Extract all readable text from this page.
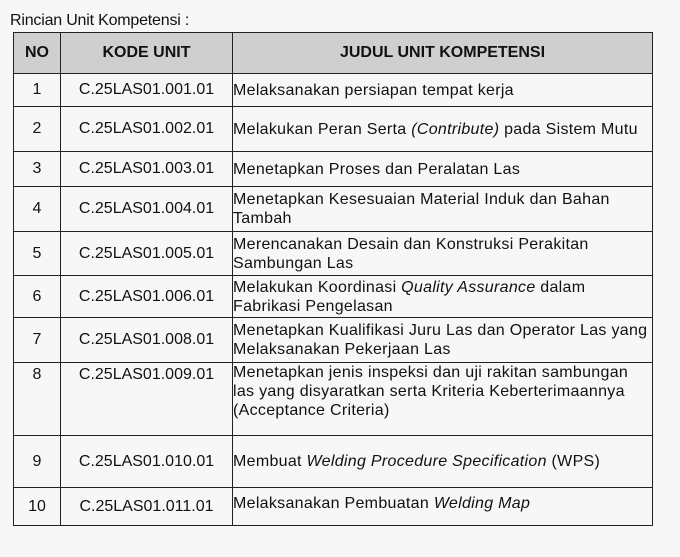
Rincian Unit Kompetensi :
NO	KODE UNIT	JUDUL UNIT KOMPETENSI
1	C.25LAS01.001.01	Melaksanakan persiapan tempat kerja
2	C.25LAS01.002.01	Melakukan Peran Serta (Contribute) pada Sistem Mutu
3	C.25LAS01.003.01	Menetapkan Proses dan Peralatan Las
4	C.25LAS01.004.01	Menetapkan Kesesuaian Material Induk dan Bahan Tambah
5	C.25LAS01.005.01	Merencanakan Desain dan Konstruksi Perakitan Sambungan Las
6	C.25LAS01.006.01	Melakukan Koordinasi Quality Assurance dalam Fabrikasi Pengelasan
7	C.25LAS01.008.01	Menetapkan Kualifikasi Juru Las dan Operator Las yang Melaksanakan Pekerjaan Las
8	C.25LAS01.009.01	Menetapkan jenis inspeksi dan uji rakitan sambungan las yang disyaratkan serta Kriteria Keberterimaannya (Acceptance Criteria)
9	C.25LAS01.010.01	Membuat Welding Procedure Specification (WPS)
10	C.25LAS01.011.01	Melaksanakan Pembuatan Welding Map
